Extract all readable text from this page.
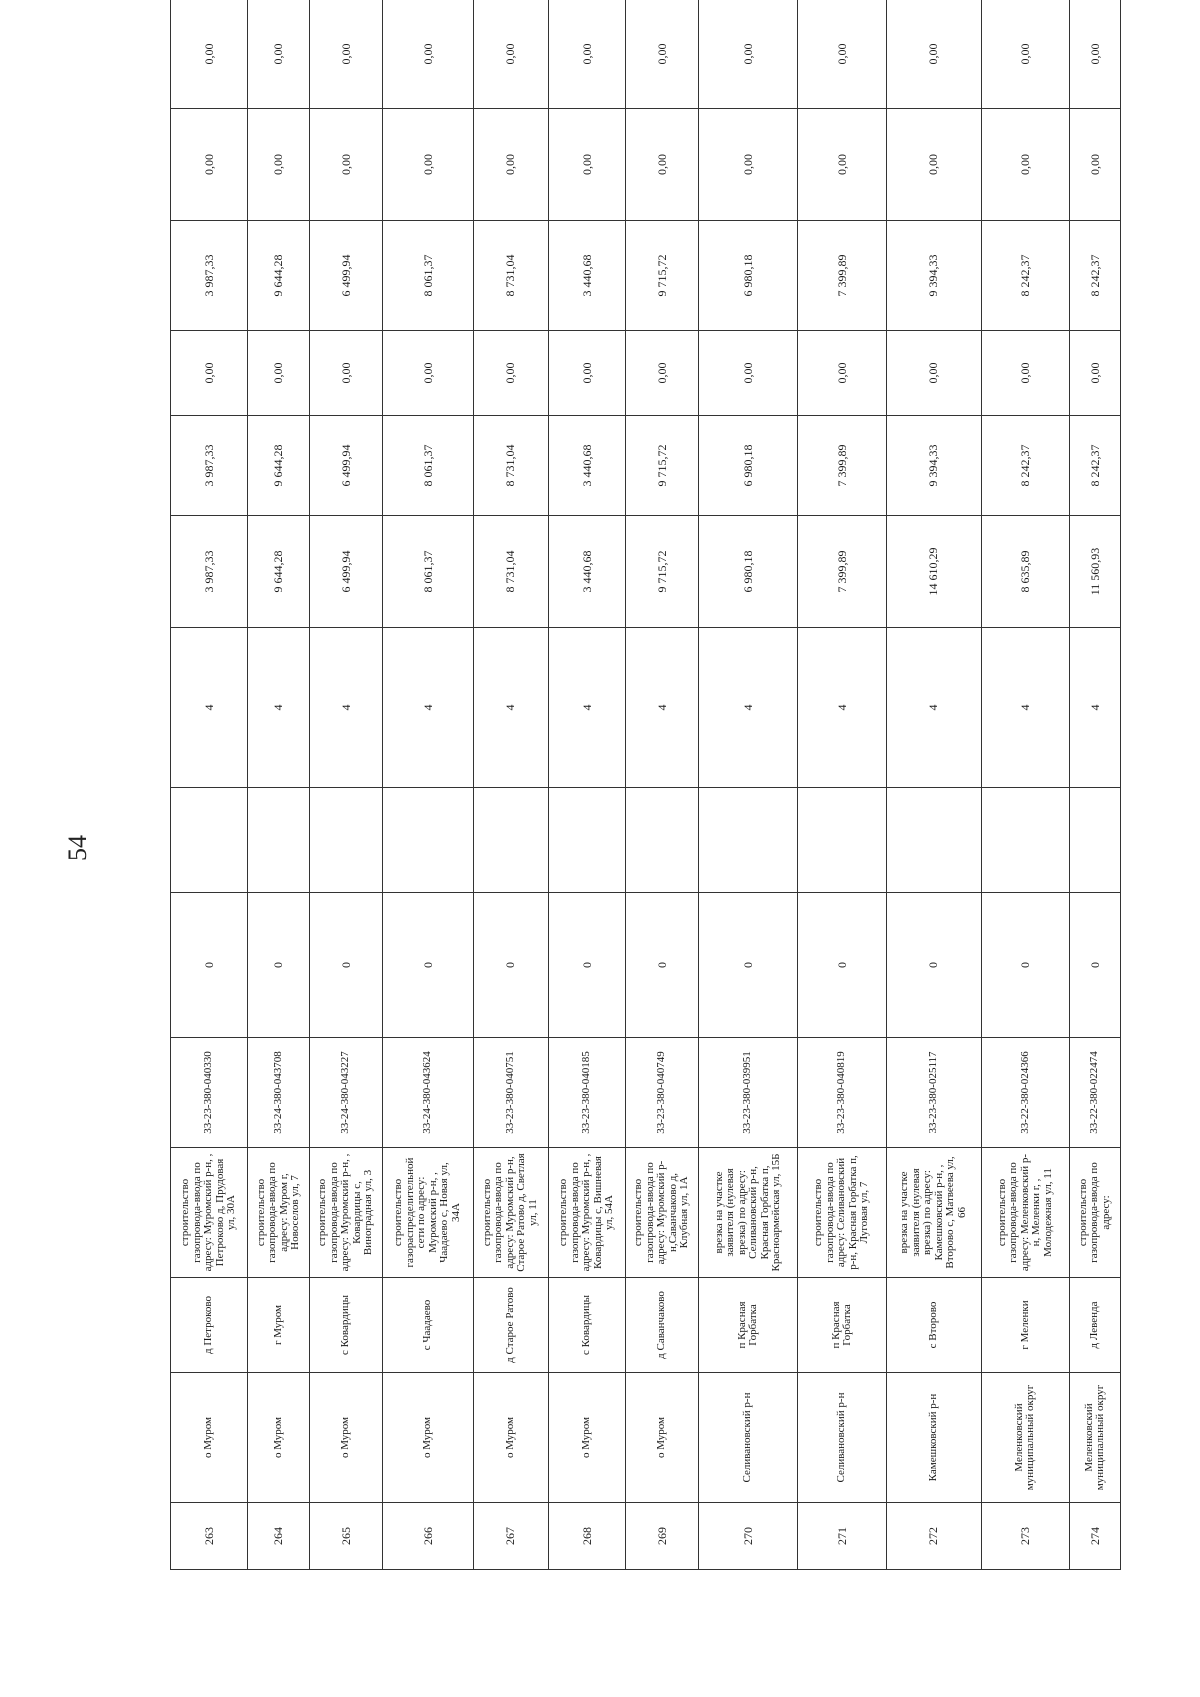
54
263	о Муром	д Петроково	строительство газопровода-ввода по адресу: Муромский р-н, , Петроково д, Прудовая ул, 30А	33-23-380-040330	0		4	3 987,33	3 987,33	0,00	3 987,33	0,00	0,00
264	о Муром	г Муром	строительство газопровода-ввода по адресу: Муром г, Новоселов ул, 7	33-24-380-043708	0		4	9 644,28	9 644,28	0,00	9 644,28	0,00	0,00
265	о Муром	с Ковардицы	строительство газопровода-ввода по адресу: Муромский р-н, , Ковардицы с, Виноградная ул, 3	33-24-380-043227	0		4	6 499,94	6 499,94	0,00	6 499,94	0,00	0,00
266	о Муром	с Чаадаево	строительство газораспределительной сети по адресу: Муромский р-н, , Чаадаево с, Новая ул, 34А	33-24-380-043624	0		4	8 061,37	8 061,37	0,00	8 061,37	0,00	0,00
267	о Муром	д Старое Ратово	строительство газопровода-ввода по адресу: Муромский р-н, Старое Ратово д, Светлая ул, 11	33-23-380-040751	0		4	8 731,04	8 731,04	0,00	8 731,04	0,00	0,00
268	о Муром	с Ковардицы	строительство газопровода-ввода по адресу: Муромский р-н, , Ковардицы с, Вишневая ул, 54А	33-23-380-040185	0		4	3 440,68	3 440,68	0,00	3 440,68	0,00	0,00
269	о Муром	д Саванчаково	строительство газопровода-ввода по адресу: Муромский р-н,Саванчаково д, Клубная ул, 1А	33-23-380-040749	0		4	9 715,72	9 715,72	0,00	9 715,72	0,00	0,00
270	Селивановский р-н	п Красная Горбатка	врезка на участке заявителя (нулевая врезка) по адресу: Селивановский р-н, Красная Горбатка п, Красноармейская ул, 15Б	33-23-380-039951	0		4	6 980,18	6 980,18	0,00	6 980,18	0,00	0,00
271	Селивановский р-н	п Красная Горбатка	строительство газопровода-ввода по адресу: Селивановский р-н, Красная Горбатка п, Луговая ул, 7	33-23-380-040819	0		4	7 399,89	7 399,89	0,00	7 399,89	0,00	0,00
272	Камешковский р-н	с Второво	врезка на участке заявителя (нулевая врезка) по адресу: Камешковский р-н, , Второво с, Матвеева ул, 66	33-23-380-025117	0		4	14 610,29	9 394,33	0,00	9 394,33	0,00	0,00
273	Меленковский муниципальный округ	г Меленки	строительство газопровода-ввода по адресу: Меленковский р-н, Меленки г, , Молодежная ул, 11	33-22-380-024366	0		4	8 635,89	8 242,37	0,00	8 242,37	0,00	0,00
274	Меленковский муниципальный округ	д Левенда	строительство газопровода-ввода по адресу:	33-22-380-022474	0		4	11 560,93	8 242,37	0,00	8 242,37	0,00	0,00
